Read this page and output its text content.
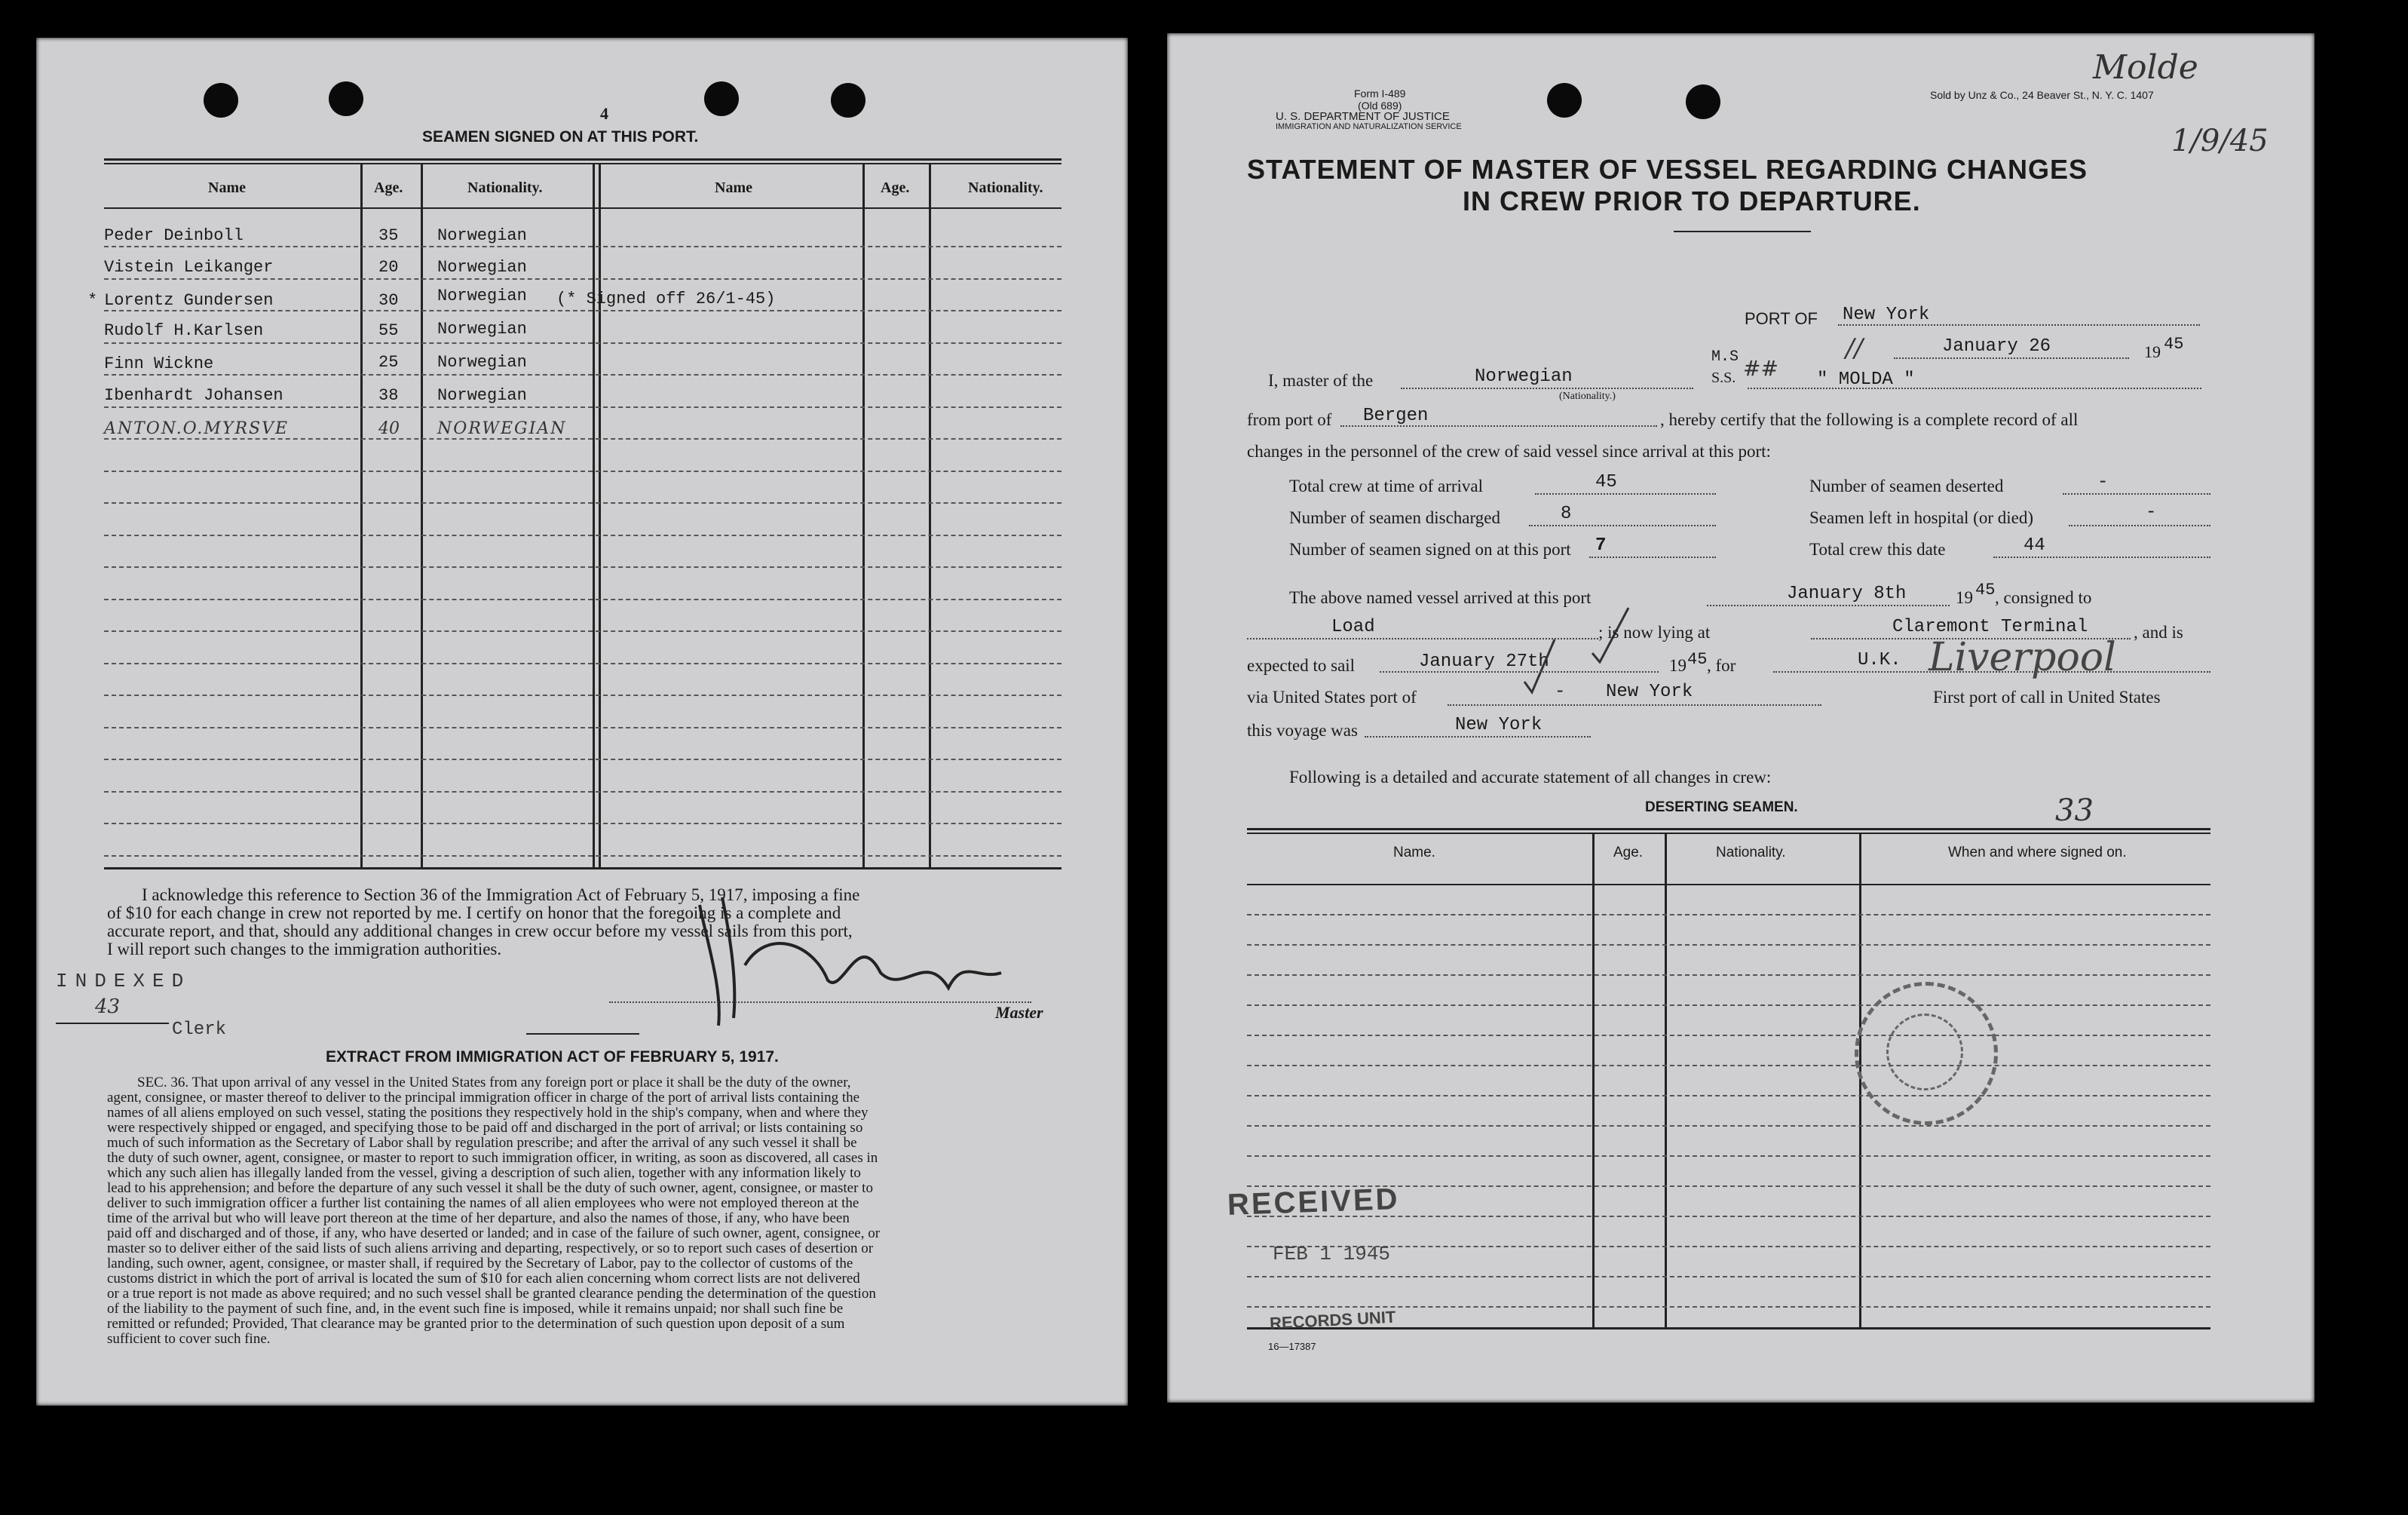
4
SEAMEN SIGNED ON AT THIS PORT.
Name	Age.	Nationality.	Name	Age.	Nationality.
Peder Deinboll	35 Norwegian
Vistein Leikanger	20 Norwegian
* Lorentz Gundersen	30 Norwegian (* Signed off 26/1-45)
Rudolf H.Karlsen	55 Norwegian
Finn Wickne	25 Norwegian
Ibenhardt Johansen	38 Norwegian
ANTON.O.MYRSVE	40 NORWEGIAN
I acknowledge this reference to Section 36 of the Immigration Act of February 5, 1917, imposing a fine
of $10 for each change in crew not reported by me. I certify on honor that the foregoing is a complete and
accurate report, and that, should any additional changes in crew occur before my vessel sails from this port,
I will report such changes to the immigration authorities.
INDEXED
43
Clerk
Master
EXTRACT FROM IMMIGRATION ACT OF FEBRUARY 5, 1917.
SEC. 36. That upon arrival of any vessel in the United States from any foreign port or place it shall be the duty of the owner,
agent, consignee, or master thereof to deliver to the principal immigration officer in charge of the port of arrival lists containing the
names of all aliens employed on such vessel, stating the positions they respectively hold in the ship's company, when and where they
were respectively shipped or engaged, and specifying those to be paid off and discharged in the port of arrival; or lists containing so
much of such information as the Secretary of Labor shall by regulation prescribe; and after the arrival of any such vessel it shall be
the duty of such owner, agent, consignee, or master to report to such immigration officer, in writing, as soon as discovered, all cases in
which any such alien has illegally landed from the vessel, giving a description of such alien, together with any information likely to
lead to his apprehension; and before the departure of any such vessel it shall be the duty of such owner, agent, consignee, or master to
deliver to such immigration officer a further list containing the names of all alien employees who were not employed thereon at the
time of the arrival but who will leave port thereon at the time of her departure, and also the names of those, if any, who have been
paid off and discharged and of those, if any, who have deserted or landed; and in case of the failure of such owner, agent, consignee, or
master so to deliver either of the said lists of such aliens arriving and departing, respectively, or so to report such cases of desertion or
landing, such owner, agent, consignee, or master shall, if required by the Secretary of Labor, pay to the collector of customs of the
customs district in which the port of arrival is located the sum of $10 for each alien concerning whom correct lists are not delivered
or a true report is not made as above required; and no such vessel shall be granted clearance pending the determination of the question
of the liability to the payment of such fine, and, in the event such fine is imposed, while it remains unpaid; nor shall such fine be
remitted or refunded; Provided, That clearance may be granted prior to the determination of such question upon deposit of a sum
sufficient to cover such fine.
Form I-489
(Old 689)
U. S. DEPARTMENT OF JUSTICE
IMMIGRATION AND NATURALIZATION SERVICE
Sold by Unz & Co., 24 Beaver St., N. Y. C. 1407
Molde
1/9/45
STATEMENT OF MASTER OF VESSEL REGARDING CHANGES
IN CREW PRIOR TO DEPARTURE.
PORT OF New York
//	January 26	19 45
M.S
S.S. ##
I, master of the	Norwegian
(Nationality.)
" MOLDA "
from port of Bergen	, hereby certify that the following is a complete record of all
changes in the personnel of the crew of said vessel since arrival at this port:
Total crew at time of arrival	45	Number of seamen deserted	-
Number of seamen discharged	8	Seamen left in hospital (or died)	-
Number of seamen signed on at this port 7	Total crew this date	44
The above named vessel arrived at this port	January 8th	19 45 , consigned to
Load	; is now lying at	Claremont Terminal	, and is
expected to sail	January 27th	19 45 , for	U.K. Liverpool
via United States port of	- New York	First port of call in United States
this voyage was	New York
Following is a detailed and accurate statement of all changes in crew:
DESERTING SEAMEN.	33
Name.	Age.	Nationality.	When and where signed on.
RECEIVED
FEB 1 1945
RECORDS UNIT
16—17387
